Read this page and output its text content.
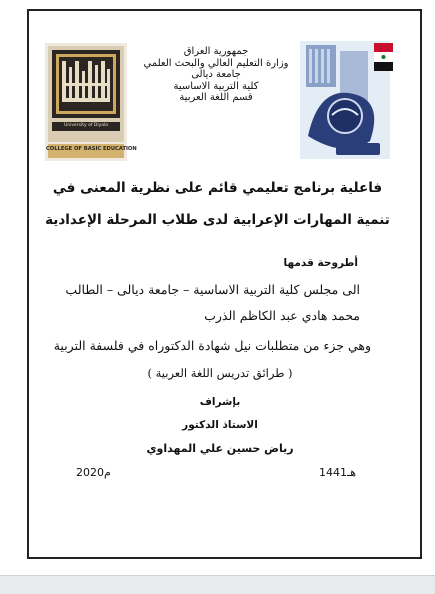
COLLEGE OF BASIC EDUCATION
University of Diyala
جمهورية العراق
وزارة التعليم العالي والبحث العلمي
جامعة ديالى
كلية التربية الاساسية
قسم اللغة العربية
فاعلية برنامج تعليمي قائم على نظرية المعنى في
تنمية المهارات الإعرابية لدى طلاب المرحلة الإعدادية
أطروحة قدمها
الى مجلس كلية التربية الاساسية – جامعة ديالى – الطالب
محمد هادي عبد الكاظم الذرب
وهي جزء من متطلبات نيل شهادة الدكتوراه في فلسفة التربية
( طرائق تدريس اللغة العربية )
بإشراف
الاستاذ الدكتور
رياض حسين علي المهداوي
1441هـ
2020م
